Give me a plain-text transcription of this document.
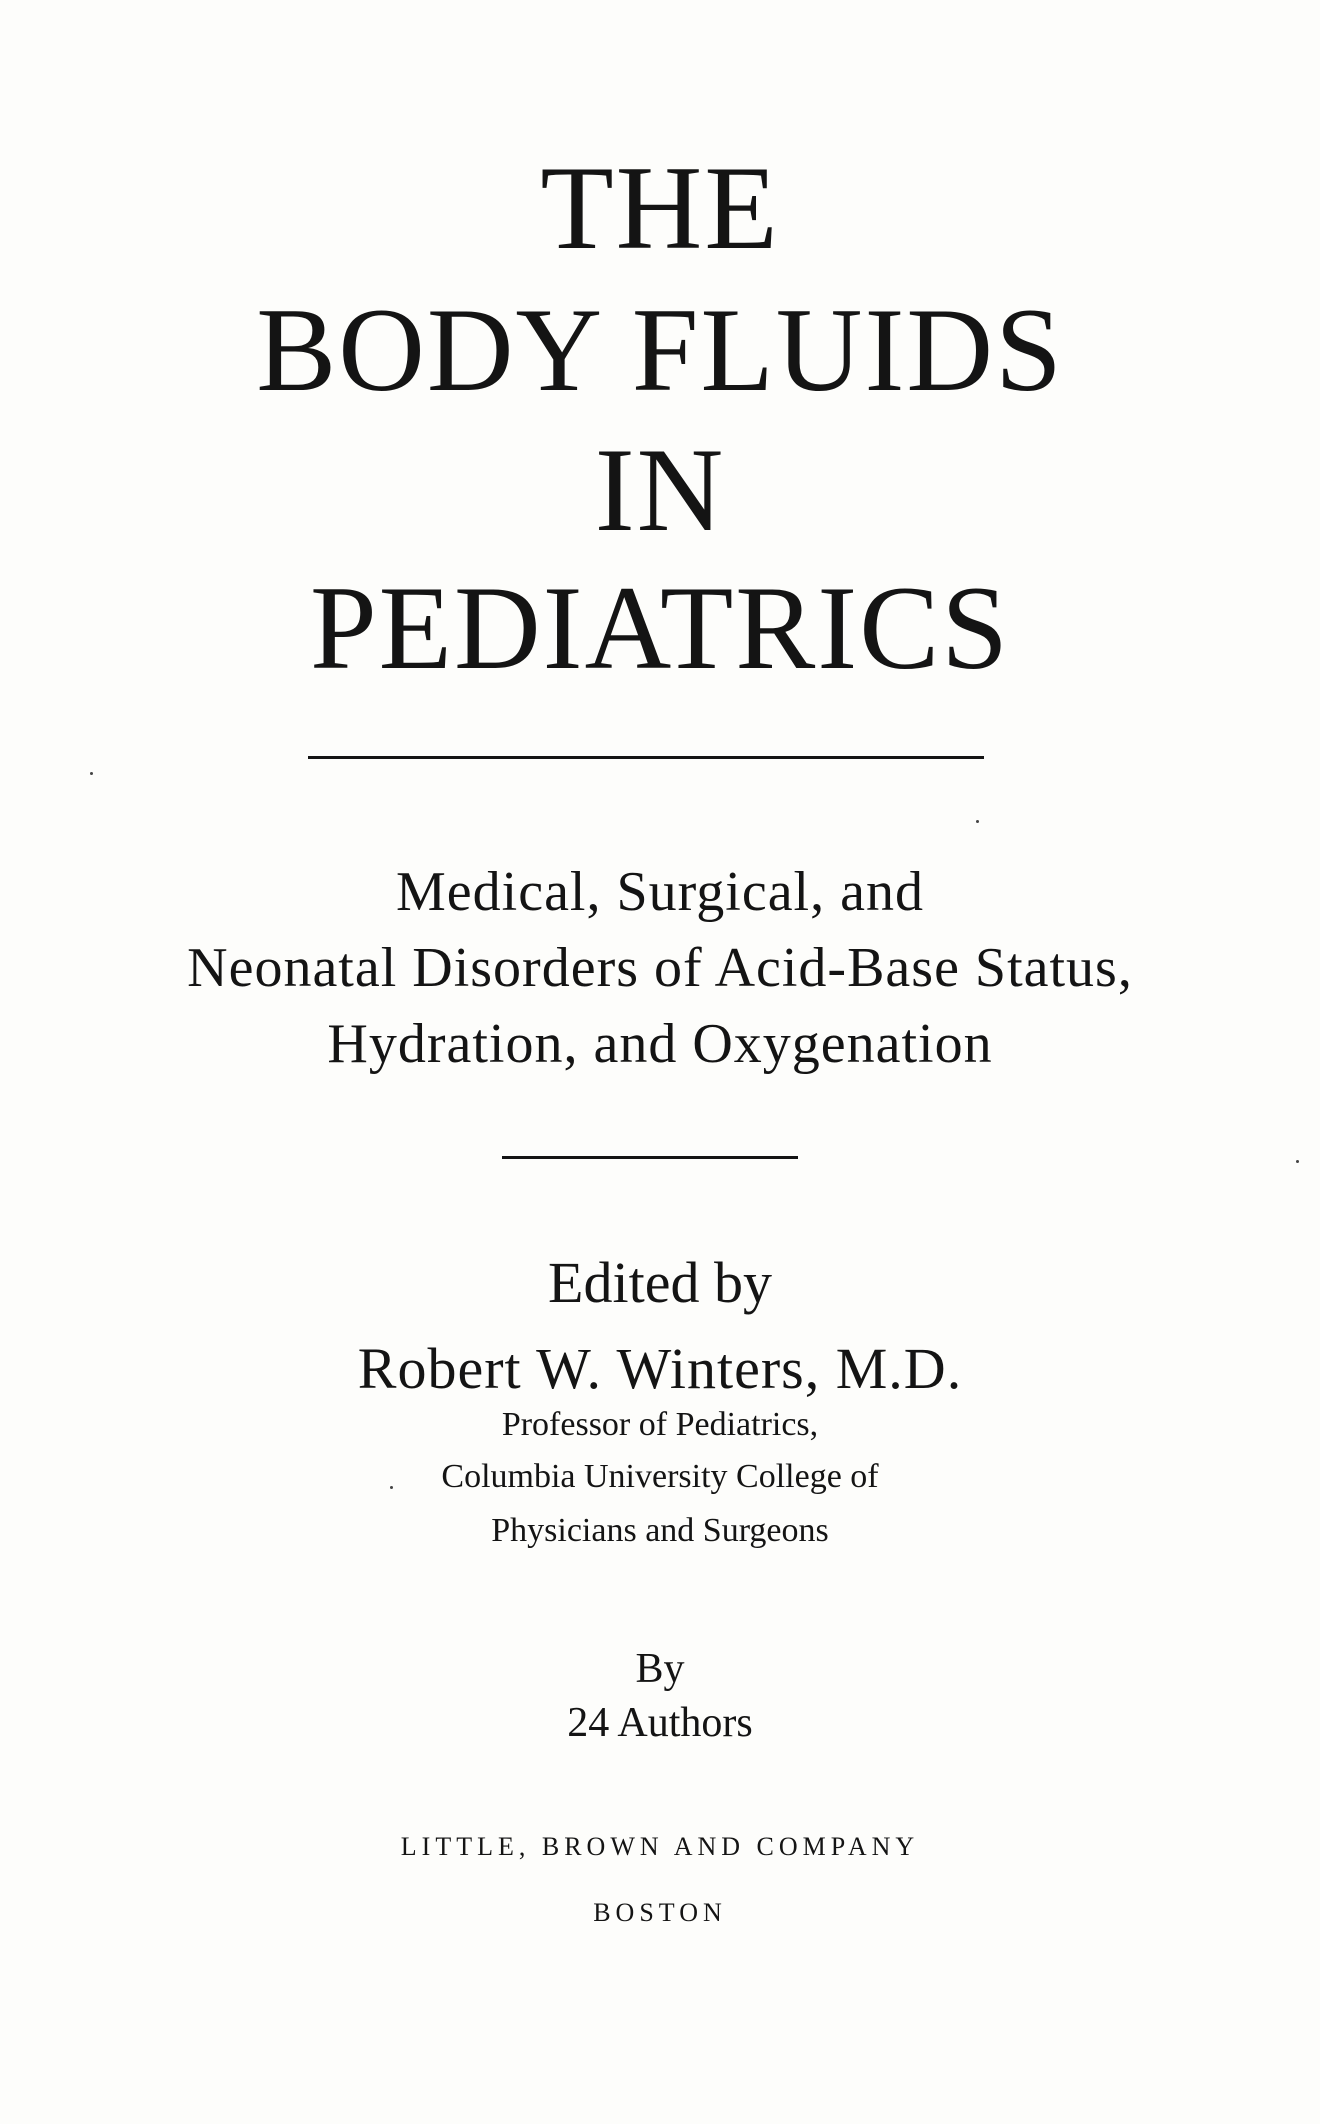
THE
BODY FLUIDS
IN
PEDIATRICS
Medical, Surgical, and
Neonatal Disorders of Acid-Base Status,
Hydration, and Oxygenation
Edited by
Robert W. Winters, M.D.
Professor of Pediatrics,
Columbia University College of
Physicians and Surgeons
By
24 Authors
LITTLE, BROWN AND COMPANY
BOSTON
